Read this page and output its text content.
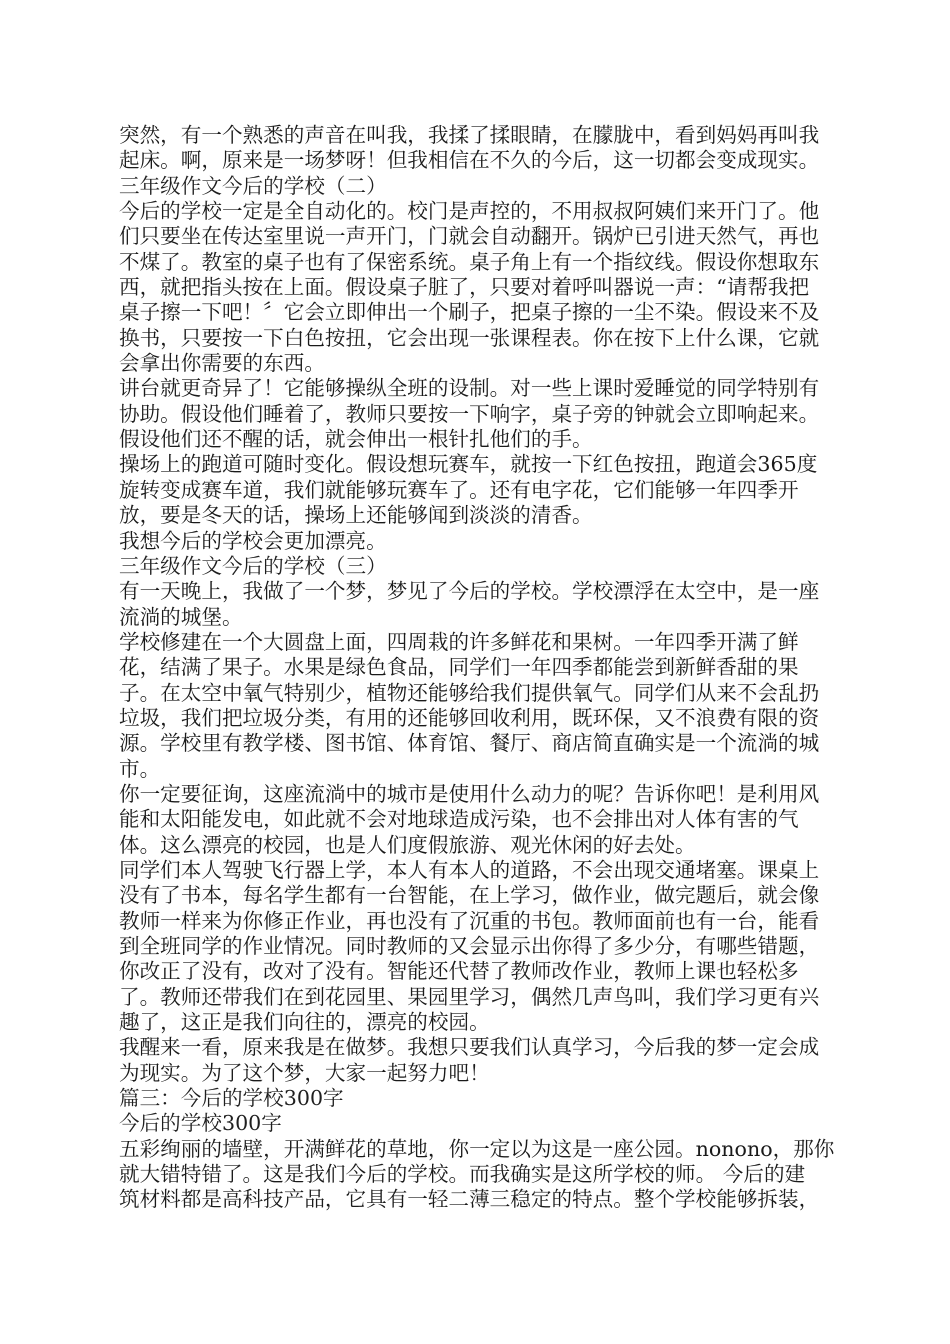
突然，有一个熟悉的声音在叫我，我揉了揉眼睛，在朦胧中，看到妈妈再叫我
起床。啊，原来是一场梦呀！但我相信在不久的今后，这一切都会变成现实。
三年级作文今后的学校（二）
今后的学校一定是全自动化的。校门是声控的，不用叔叔阿姨们来开门了。他
们只要坐在传达室里说一声开门，门就会自动翻开。锅炉已引进天然气，再也
不煤了。教室的桌子也有了保密系统。桌子角上有一个指纹线。假设你想取东
西，就把指头按在上面。假设桌子脏了，只要对着呼叫器说一声：“请帮我把
桌子擦一下吧！〞它会立即伸出一个刷子，把桌子擦的一尘不染。假设来不及
换书，只要按一下白色按扭，它会出现一张课程表。你在按下上什么课，它就
会拿出你需要的东西。
讲台就更奇异了！它能够操纵全班的设制。对一些上课时爱睡觉的同学特别有
协助。假设他们睡着了，教师只要按一下响字，桌子旁的钟就会立即响起来。
假设他们还不醒的话，就会伸出一根针扎他们的手。
操场上的跑道可随时变化。假设想玩赛车，就按一下红色按扭，跑道会365度
旋转变成赛车道，我们就能够玩赛车了。还有电字花，它们能够一年四季开
放，要是冬天的话，操场上还能够闻到淡淡的清香。
我想今后的学校会更加漂亮。
三年级作文今后的学校（三）
有一天晚上，我做了一个梦，梦见了今后的学校。学校漂浮在太空中，是一座
流淌的城堡。
学校修建在一个大圆盘上面，四周栽的许多鲜花和果树。一年四季开满了鲜
花，结满了果子。水果是绿色食品，同学们一年四季都能尝到新鲜香甜的果
子。在太空中氧气特别少，植物还能够给我们提供氧气。同学们从来不会乱扔
垃圾，我们把垃圾分类，有用的还能够回收利用，既环保，又不浪费有限的资
源。学校里有教学楼、图书馆、体育馆、餐厅、商店简直确实是一个流淌的城
市。
你一定要征询，这座流淌中的城市是使用什么动力的呢？告诉你吧！是利用风
能和太阳能发电，如此就不会对地球造成污染，也不会排出对人体有害的气
体。这么漂亮的校园，也是人们度假旅游、观光休闲的好去处。
同学们本人驾驶飞行器上学，本人有本人的道路，不会出现交通堵塞。课桌上
没有了书本，每名学生都有一台智能，在上学习，做作业，做完题后，就会像
教师一样来为你修正作业，再也没有了沉重的书包。教师面前也有一台，能看
到全班同学的作业情况。同时教师的又会显示出你得了多少分，有哪些错题，
你改正了没有，改对了没有。智能还代替了教师改作业，教师上课也轻松多
了。教师还带我们在到花园里、果园里学习，偶然几声鸟叫，我们学习更有兴
趣了，这正是我们向往的，漂亮的校园。
我醒来一看，原来我是在做梦。我想只要我们认真学习，今后我的梦一定会成
为现实。为了这个梦，大家一起努力吧！
篇三：今后的学校300字
今后的学校300字
五彩绚丽的墙壁，开满鲜花的草地，你一定以为这是一座公园。nonono，那你
就大错特错了。这是我们今后的学校。而我确实是这所学校的师。 今后的建
筑材料都是高科技产品，它具有一轻二薄三稳定的特点。整个学校能够拆装，
